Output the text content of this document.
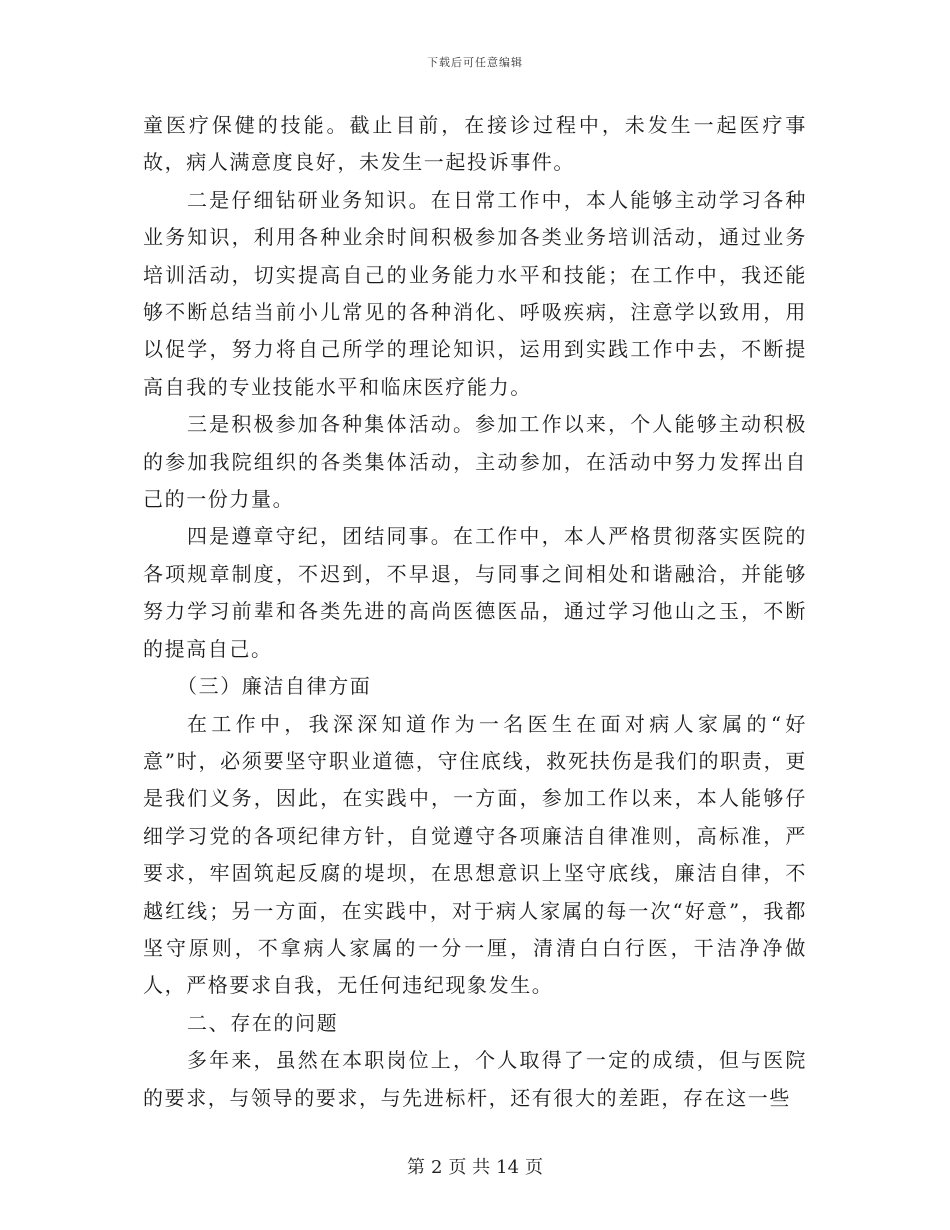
下载后可任意编辑

童医疗保健的技能。截止目前，在接诊过程中，未发生一起医疗事故，病人满意度良好，未发生一起投诉事件。

二是仔细钻研业务知识。在日常工作中，本人能够主动学习各种业务知识，利用各种业余时间积极参加各类业务培训活动，通过业务培训活动，切实提高自己的业务能力水平和技能；在工作中，我还能够不断总结当前小儿常见的各种消化、呼吸疾病，注意学以致用，用以促学，努力将自己所学的理论知识，运用到实践工作中去，不断提高自我的专业技能水平和临床医疗能力。

三是积极参加各种集体活动。参加工作以来，个人能够主动积极的参加我院组织的各类集体活动，主动参加，在活动中努力发挥出自己的一份力量。

四是遵章守纪，团结同事。在工作中，本人严格贯彻落实医院的各项规章制度，不迟到，不早退，与同事之间相处和谐融洽，并能够努力学习前辈和各类先进的高尚医德医品，通过学习他山之玉，不断的提高自己。

（三）廉洁自律方面

在工作中，我深深知道作为一名医生在面对病人家属的“好意”时，必须要坚守职业道德，守住底线，救死扶伤是我们的职责，更是我们义务，因此，在实践中，一方面，参加工作以来，本人能够仔细学习党的各项纪律方针，自觉遵守各项廉洁自律准则，高标准，严要求，牢固筑起反腐的堤坝，在思想意识上坚守底线，廉洁自律，不越红线；另一方面，在实践中，对于病人家属的每一次“好意”，我都坚守原则，不拿病人家属的一分一厘，清清白白行医，干洁净净做人，严格要求自我，无任何违纪现象发生。

二、存在的问题

多年来，虽然在本职岗位上，个人取得了一定的成绩，但与医院的要求，与领导的要求，与先进标杆，还有很大的差距，存在这一些

第 2 页 共 14 页
